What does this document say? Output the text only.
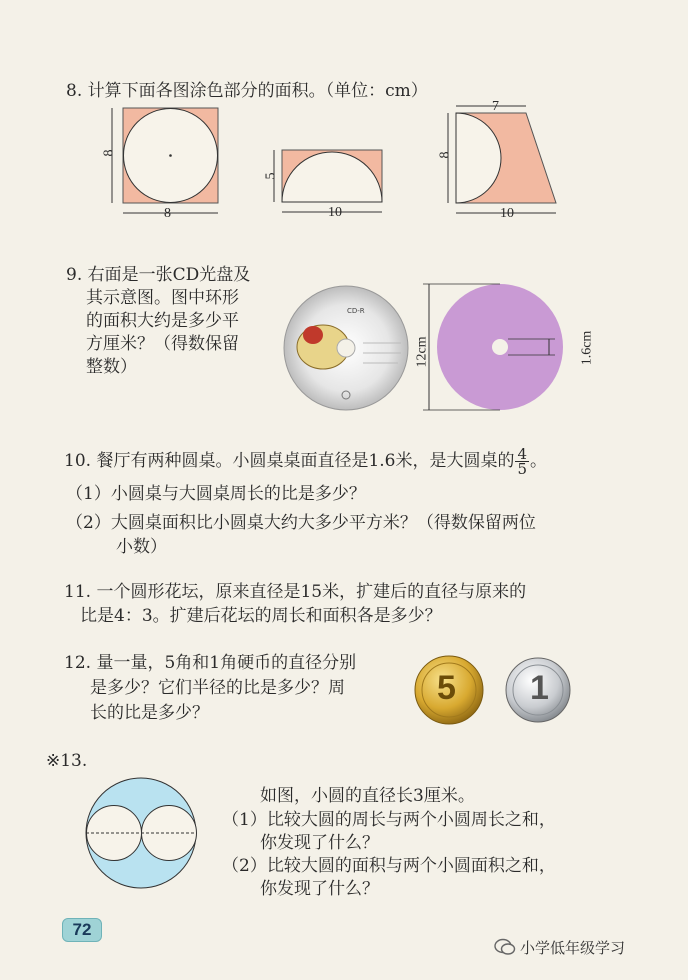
8. 计算下面各图涂色部分的面积。（单位：cm）
8
8
5
10
7
8
10
9. 右面是一张CD光盘及
其示意图。图中环形
的面积大约是多少平
方厘米？（得数保留
整数）
CD-R
12cm	1.6cm
10. 餐厅有两种圆桌。小圆桌桌面直径是1.6米，是大圆桌的 $\frac{4}{5}$ 。
（1）小圆桌与大圆桌周长的比是多少？
（2）大圆桌面积比小圆桌大约大多少平方米？（得数保留两位
小数）
11. 一个圆形花坛，原来直径是15米，扩建后的直径与原来的
比是4：3。扩建后花坛的周长和面积各是多少？
12. 量一量，5角和1角硬币的直径分别
是多少？它们半径的比是多少？周
长的比是多少？
5 1
※13.
如图，小圆的直径长3厘米。
（1）比较大圆的周长与两个小圆周长之和，
你发现了什么？
（2）比较大圆的面积与两个小圆面积之和，
你发现了什么？
72
小学低年级学习
